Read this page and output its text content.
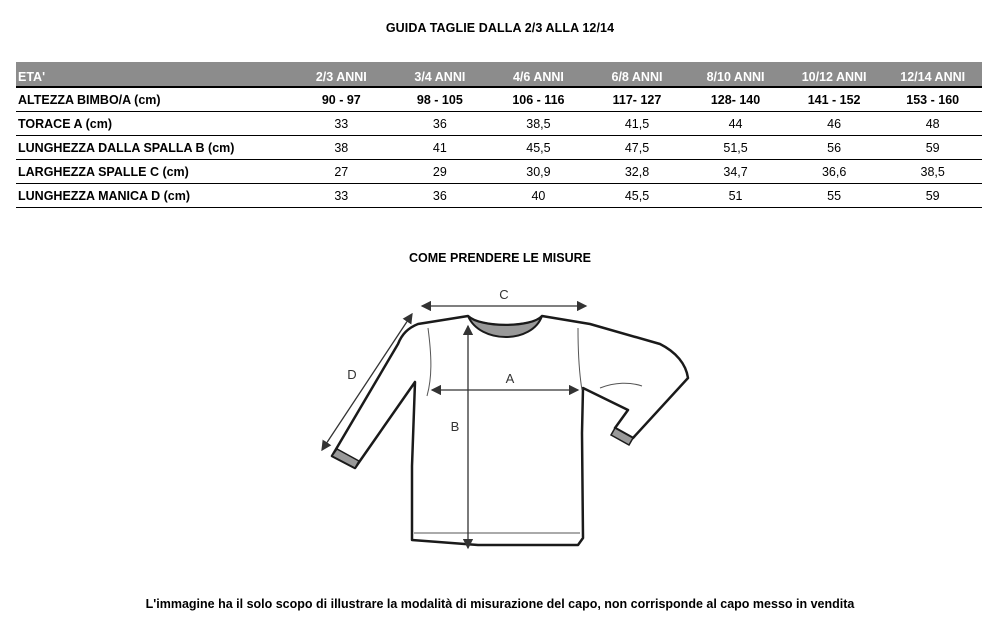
GUIDA TAGLIE DALLA 2/3 ALLA 12/14
ETA'	2/3 ANNI	3/4 ANNI	4/6 ANNI	6/8 ANNI	8/10 ANNI	10/12 ANNI	12/14 ANNI
ALTEZZA BIMBO/A (cm)	90 - 97	98 - 105	106 - 116	117- 127	128- 140	141 - 152	153 - 160
TORACE A (cm)	33	36	38,5	41,5	44	46	48
LUNGHEZZA DALLA SPALLA B (cm)	38	41	45,5	47,5	51,5	56	59
LARGHEZZA SPALLE C (cm)	27	29	30,9	32,8	34,7	36,6	38,5
LUNGHEZZA MANICA D (cm)	33	36	40	45,5	51	55	59
COME PRENDERE LE MISURE
C
A
B
D
L'immagine ha il solo scopo di illustrare la modalità di misurazione del capo, non corrisponde al capo messo in vendita
